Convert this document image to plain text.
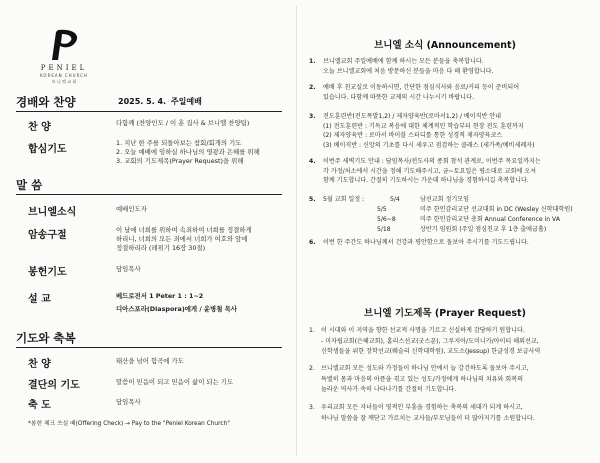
PENIEL
KOREAN CHURCH
브 니 엘 교 회
경배와 찬양	2025. 5. 4. 주일예배
찬 양	다함께 (찬양인도 / 이 훈 집사 & 브니엘 찬양팀)
합심기도
1. 지난 한 주를 되돌아보는 참회/회개의 기도
2. 오늘 예배에 임하실 하나님의 영광과 은혜를 위해
3. 교회의 기도제목(Prayer Request)을 위해
말 씀
브니엘소식	예배인도자
암송구절	이 날에 너희를 위하여 속죄하여 너희를 정결하게
하리니, 너희의 모든 죄에서 너희가 여호와 앞에
정결하리라 (레위기 16장 30절)
봉헌기도	담임목사
설 교	베드로전서 1 Peter 1 : 1~2
디아스포라(Diaspora)에게 / 윤병철 목사
기도와 축복
찬 양	태산을 넘어 험곡에 가도
결단의 기도	말씀이 믿음이 되고 믿음이 삶이 되는 기도
축 도	담임목사
*봉헌 체크 쓰실 때(Offering Check) → Pay to the "Peniel Korean Church"
브니엘 소식 (Announcement)
1. 브니엘교회 주일예배에 함께 하시는 모든 분들을 축복합니다.
오늘 브니엘교회에 처음 방문하신 분들을 마음 다 해 환영합니다.
2. 예배 후 친교실로 이동하시면, 간단한 점심식사와 음료/커피 등이 준비되어
있습니다. 다함께 따뜻한 교제의 시간 나누시기 바랍니다.
3. 전도훈련반(전도폭발1,2) / 제자양육반(로마서1,2) / 베이직반 안내
(1) 전도훈련반 : 기독교 복음에 대한 체계적인 학습부터 현장 전도 훈련까지
(2) 제자양육반 : 로마서 바이블 스터디를 통한 성경적 제자양육코스
(3) 베이직반 : 신앙의 기초를 다시 세우고 점검하는 클래스 (세가족/예비세례자)
4. 이번주 새벽기도 안내 : 담임목사/전도사의 종회 참석 관계로, 이번주 목요일까지는
각 가정/처소에서 시간을 정해 기도해주시고, 금~토요일은 평소대로 교회에 오셔
함께 기도합니다. 간절히 기도하시는 가운데 하나님을 경험하시길 축복합니다.
5. 5월 교회 일정 :	5/4	남선교회 정기모임
5/5	미주 한인감리교단 선교대회 in DC (Wesley 신학대학원)
5/6~8	미주 한인감리교단 총회 Annual Conference in VA
5/18	상반기 임원회 (주일 점심친교 후 1층 출애굽홀)
6. 이번 한 주간도 하나님께서 건강과 평안함으로 돌보아 주시기를 기도드립니다.
브니엘 기도제목 (Prayer Request)
1. 이 시대와 이 지역을 향한 선교적 사명을 기르고 신실하게 감당하기 원합니다.
- 미자립교회(은혜교회), 홈리스선교(굿스푼), 그루지아/도미니카/아이티 해외선교,
신학생들을 위한 장학선교(웨슬리 신학대학원), 교도소(Jessup) 한글성경 보급사역
2. 브니엘교회 모든 성도와 가정들이 하나님 안에서 늘 강건하도록 돌보아 주시고,
특별히 몸과 마음의 아픔을 겪고 있는 성도/가정에게 하나님의 치유와 회복의
놀라운 역사가 속히 나타나기를 간절히 기도합니다.
3. 우리교회 모든 자녀들이 영적인 부흥을 경험하는 축복의 세대가 되게 하시고,
하나님 말씀을 잘 깨닫고 가르치는 교사들/부모님들이 더 많아지기를 소원합니다.
